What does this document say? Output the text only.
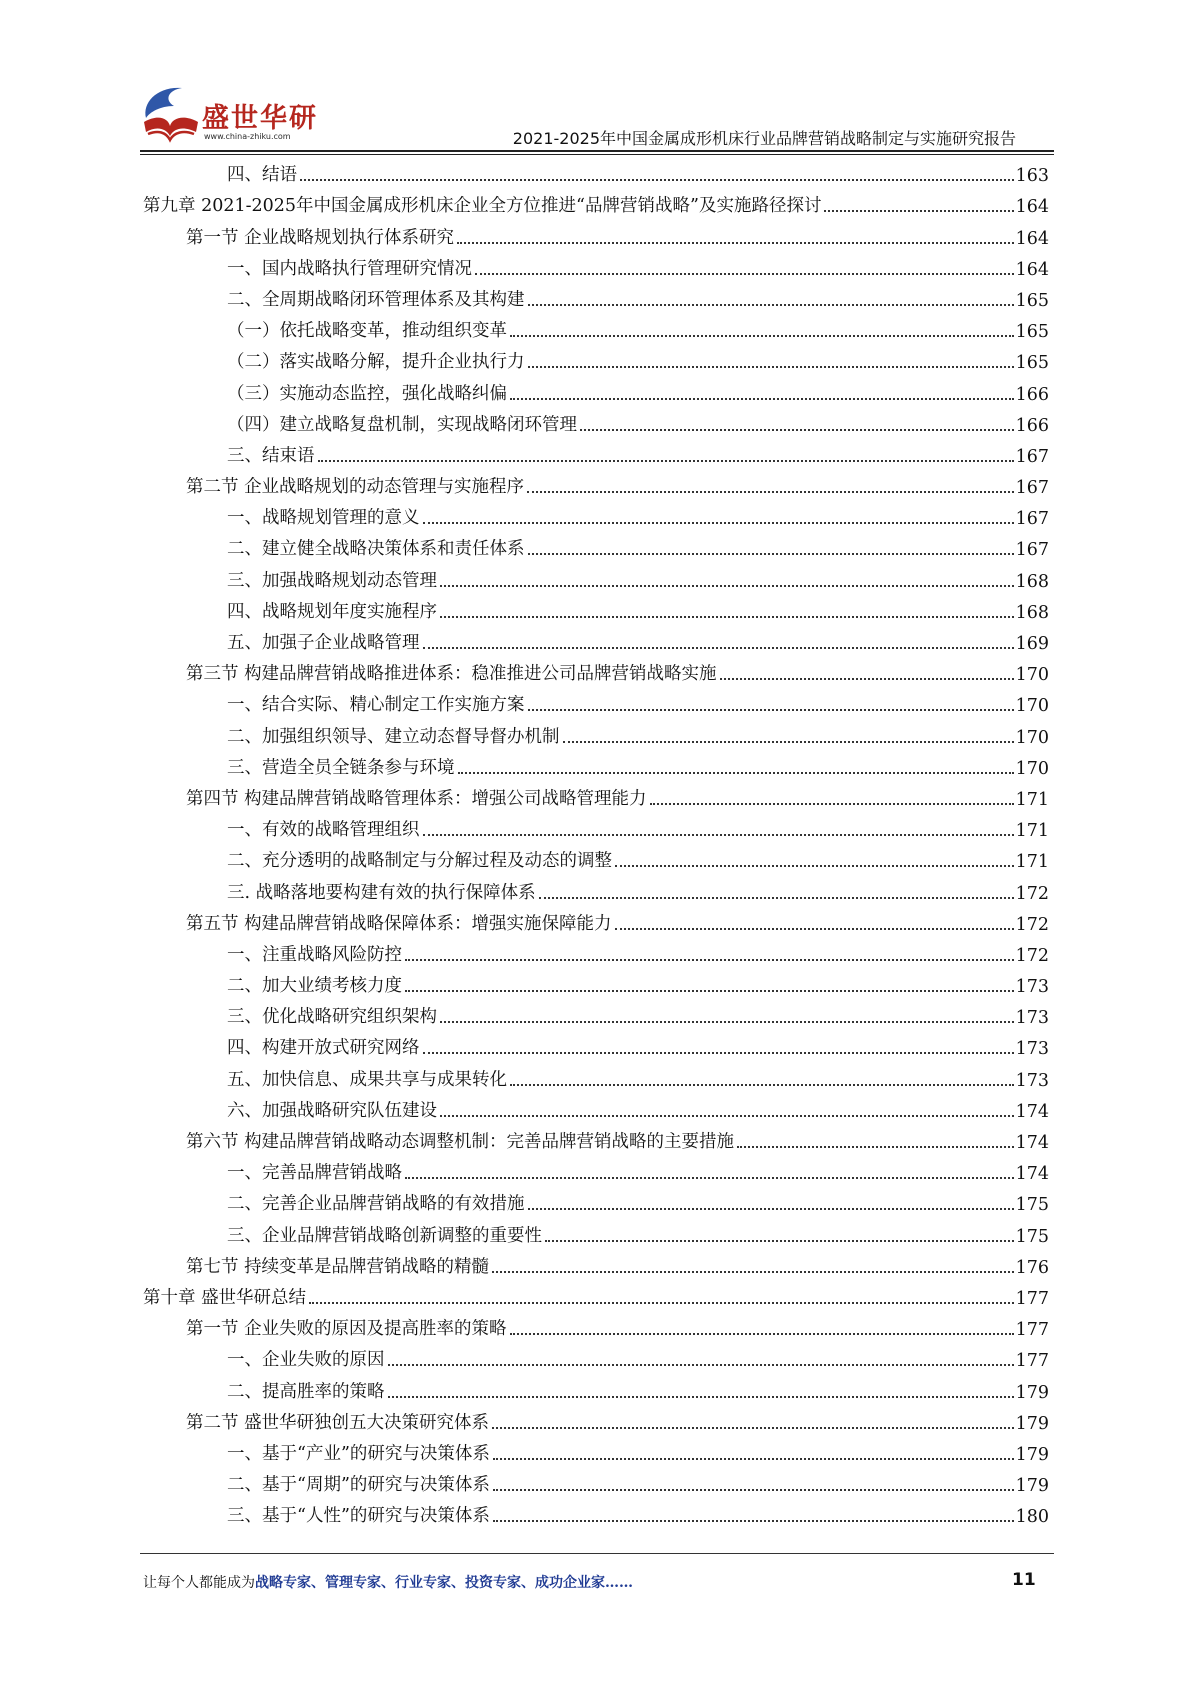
盛世华研
www.china-zhiku.com	2021-2025年中国金属成形机床行业品牌营销战略制定与实施研究报告
四、结语	163
第九章 2021-2025年中国金属成形机床企业全方位推进“品牌营销战略”及实施路径探讨	164
第一节 企业战略规划执行体系研究	164
一、国内战略执行管理研究情况	164
二、全周期战略闭环管理体系及其构建	165
（一）依托战略变革，推动组织变革	165
（二）落实战略分解，提升企业执行力	165
（三）实施动态监控，强化战略纠偏	166
（四）建立战略复盘机制，实现战略闭环管理	166
三、结束语	167
第二节 企业战略规划的动态管理与实施程序	167
一、战略规划管理的意义	167
二、建立健全战略决策体系和责任体系	167
三、加强战略规划动态管理	168
四、战略规划年度实施程序	168
五、加强子企业战略管理	169
第三节 构建品牌营销战略推进体系：稳准推进公司品牌营销战略实施	170
一、结合实际、精心制定工作实施方案	170
二、加强组织领导、建立动态督导督办机制	170
三、营造全员全链条参与环境	170
第四节 构建品牌营销战略管理体系：增强公司战略管理能力	171
一、有效的战略管理组织	171
二、充分透明的战略制定与分解过程及动态的调整	171
三. 战略落地要构建有效的执行保障体系	172
第五节 构建品牌营销战略保障体系：增强实施保障能力	172
一、注重战略风险防控	172
二、加大业绩考核力度	173
三、优化战略研究组织架构	173
四、构建开放式研究网络	173
五、加快信息、成果共享与成果转化	173
六、加强战略研究队伍建设	174
第六节 构建品牌营销战略动态调整机制：完善品牌营销战略的主要措施	174
一、完善品牌营销战略	174
二、完善企业品牌营销战略的有效措施	175
三、企业品牌营销战略创新调整的重要性	175
第七节 持续变革是品牌营销战略的精髓	176
第十章 盛世华研总结	177
第一节 企业失败的原因及提高胜率的策略	177
一、企业失败的原因	177
二、提高胜率的策略	179
第二节 盛世华研独创五大决策研究体系	179
一、基于“产业”的研究与决策体系	179
二、基于“周期”的研究与决策体系	179
三、基于“人性”的研究与决策体系	180
让每个人都能成为战略专家、管理专家、行业专家、投资专家、成功企业家……	11
